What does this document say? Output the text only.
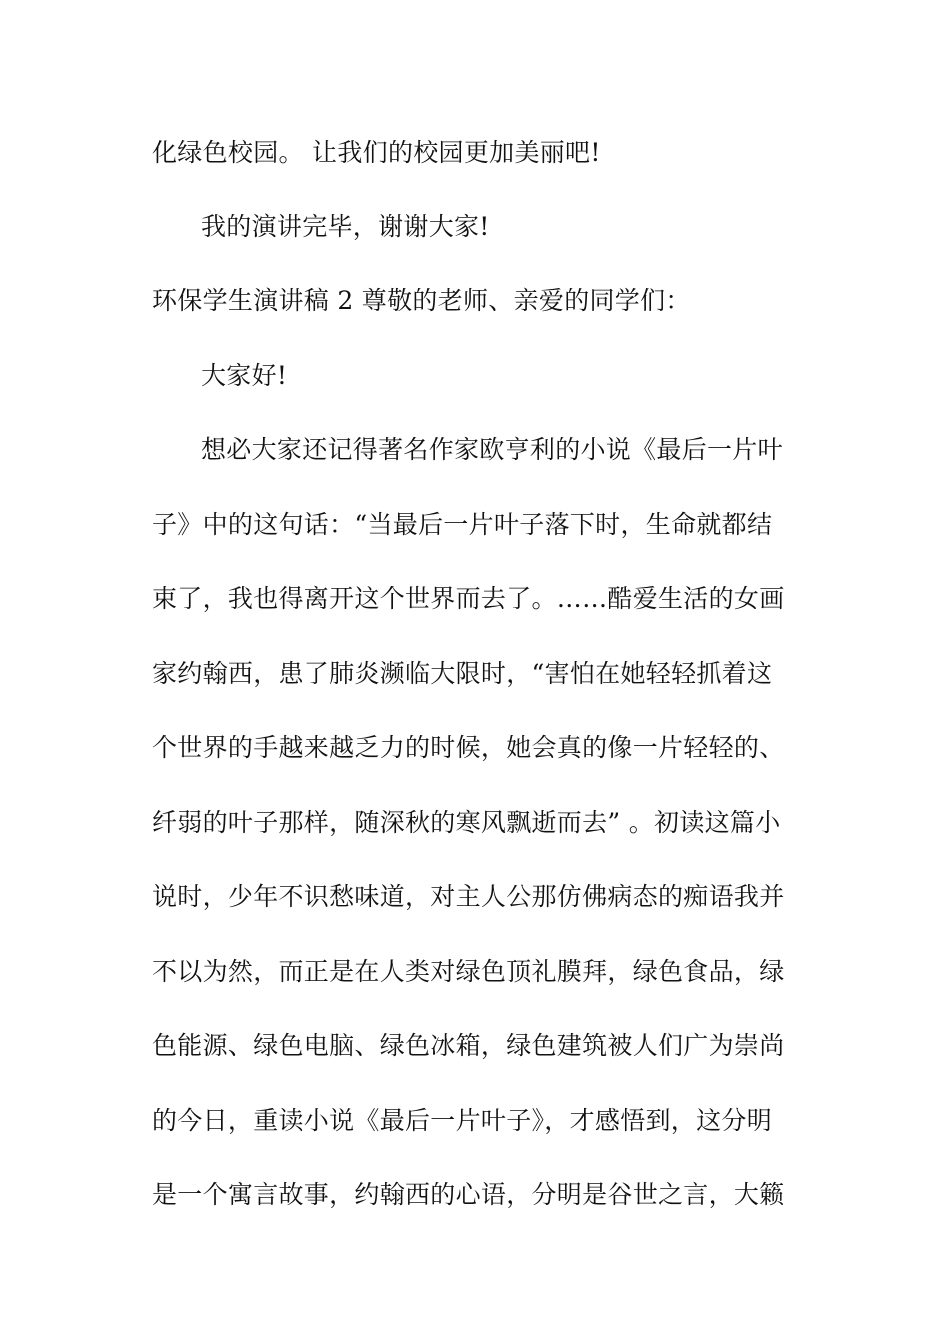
化绿色校园。 让我们的校园更加美丽吧!
我的演讲完毕，谢谢大家!
环保学生演讲稿 2 尊敬的老师、亲爱的同学们：
大家好!
想必大家还记得著名作家欧亨利的小说《最后一片叶
子》中的这句话：“当最后一片叶子落下时，生命就都结
束了，我也得离开这个世界而去了。……酷爱生活的女画
家约翰西，患了肺炎濒临大限时，“害怕在她轻轻抓着这
个世界的手越来越乏力的时候，她会真的像一片轻轻的、
纤弱的叶子那样，随深秋的寒风飘逝而去” 。初读这篇小
说时，少年不识愁味道，对主人公那仿佛病态的痴语我并
不以为然，而正是在人类对绿色顶礼膜拜，绿色食品，绿
色能源、绿色电脑、绿色冰箱，绿色建筑被人们广为崇尚
的今日，重读小说《最后一片叶子》，才感悟到，这分明
是一个寓言故事，约翰西的心语，分明是谷世之言，大籁
